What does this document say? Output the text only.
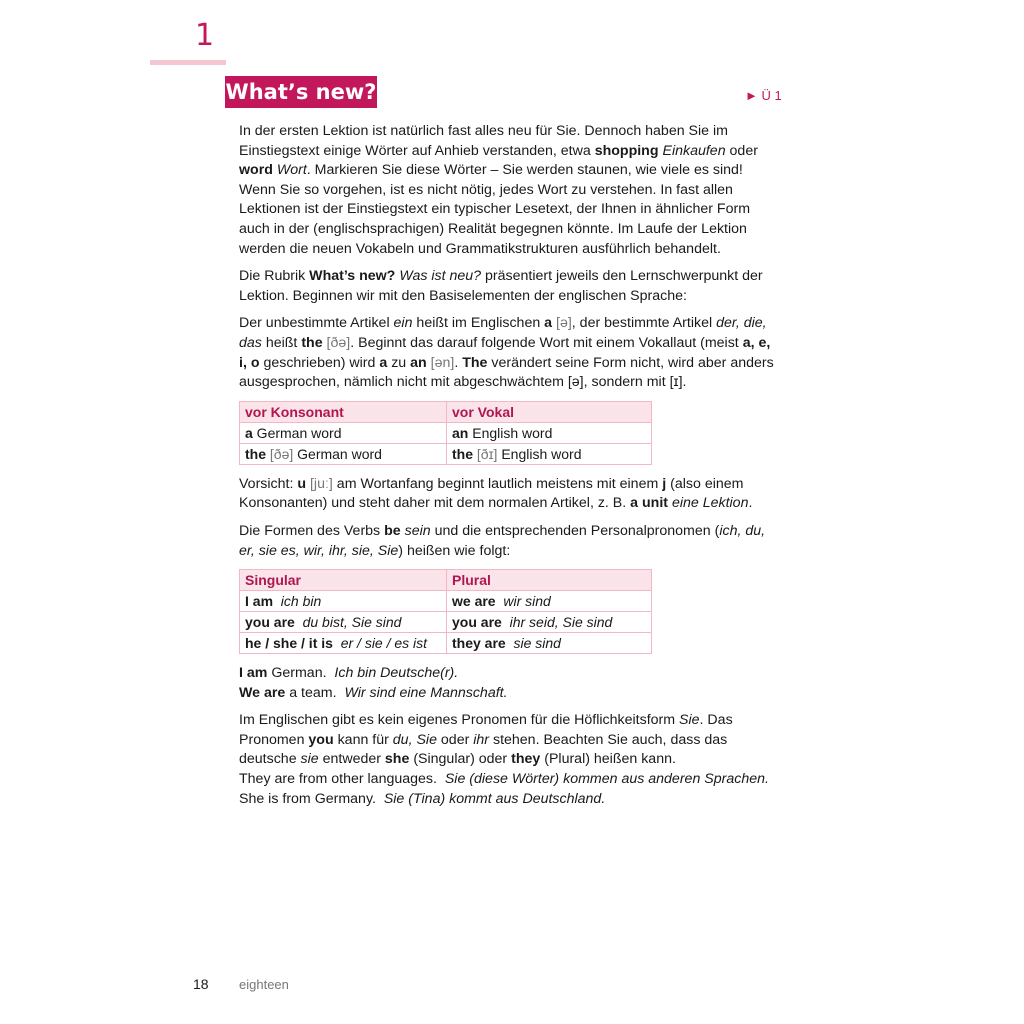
1
What’s new?	► Ü 1

In der ersten Lektion ist natürlich fast alles neu für Sie. Dennoch haben Sie im Einstiegstext einige Wörter auf Anhieb verstanden, etwa shopping Einkaufen oder word Wort. Markieren Sie diese Wörter – Sie werden staunen, wie viele es sind! Wenn Sie so vorgehen, ist es nicht nötig, jedes Wort zu verstehen. In fast allen Lektionen ist der Einstiegstext ein typischer Lesetext, der Ihnen in ähnlicher Form auch in der (englischsprachigen) Realität begegnen könnte. Im Laufe der Lektion werden die neuen Vokabeln und Grammatikstrukturen ausführlich behandelt.

Die Rubrik What’s new? Was ist neu? präsentiert jeweils den Lernschwerpunkt der Lektion. Beginnen wir mit den Basiselementen der englischen Sprache:

Der unbestimmte Artikel ein heißt im Englischen a [ə], der bestimmte Artikel der, die, das heißt the [ðə]. Beginnt das darauf folgende Wort mit einem Vokallaut (meist a, e, i, o geschrieben) wird a zu an [ən]. The verändert seine Form nicht, wird aber anders ausgesprochen, nämlich nicht mit abgeschwächtem [ə], sondern mit [ɪ].

vor Konsonant	vor Vokal
a German word	an English word
the [ðə] German word	the [ðɪ] English word

Vorsicht: u [juː] am Wortanfang beginnt lautlich meistens mit einem j (also einem Konsonanten) und steht daher mit dem normalen Artikel, z. B. a unit eine Lektion.

Die Formen des Verbs be sein und die entsprechenden Personalpronomen (ich, du, er, sie es, wir, ihr, sie, Sie) heißen wie folgt:

Singular	Plural
I am ich bin	we are wir sind
you are du bist, Sie sind	you are ihr seid, Sie sind
he / she / it is er / sie / es ist	they are sie sind

I am German. Ich bin Deutsche(r).
We are a team. Wir sind eine Mannschaft.

Im Englischen gibt es kein eigenes Pronomen für die Höflichkeitsform Sie. Das Pronomen you kann für du, Sie oder ihr stehen. Beachten Sie auch, dass das deutsche sie entweder she (Singular) oder they (Plural) heißen kann.
They are from other languages. Sie (diese Wörter) kommen aus anderen Sprachen.
She is from Germany. Sie (Tina) kommt aus Deutschland.

18 eighteen
